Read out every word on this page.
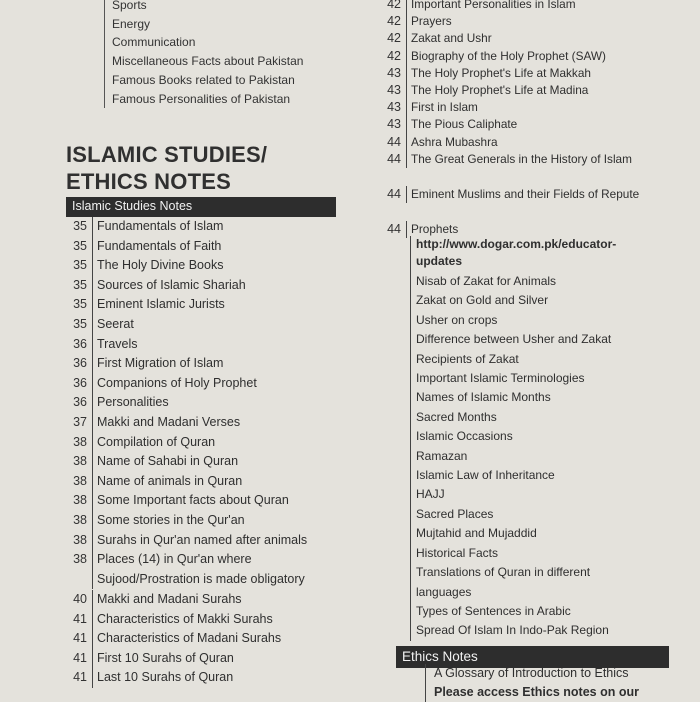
Sports
Energy
Communication
Miscellaneous Facts about Pakistan
Famous Books related to Pakistan
Famous Personalities of Pakistan
ISLAMIC STUDIES/
ETHICS NOTES
Islamic Studies Notes
35 Fundamentals of Islam
35 Fundamentals of Faith
35 The Holy Divine Books
35 Sources of Islamic Shariah
35 Eminent Islamic Jurists
35 Seerat
36 Travels
36 First Migration of Islam
36 Companions of Holy Prophet
36 Personalities
37 Makki and Madani Verses
38 Compilation of Quran
38 Name of Sahabi in Quran
38 Name of animals in Quran
38 Some Important facts about Quran
38 Some stories in the Qur'an
38 Surahs in Qur'an named after animals
38 Places (14) in Qur'an where Sujood/Prostration is made obligatory
40 Makki and Madani Surahs
41 Characteristics of Makki Surahs
41 Characteristics of Madani Surahs
41 First 10 Surahs of Quran
41 Last 10 Surahs of Quran
42 Important Personalities in Islam
42 Prayers
42 Zakat and Ushr
42 Biography of the Holy Prophet (SAW)
43 The Holy Prophet's Life at Makkah
43 The Holy Prophet's Life at Madina
43 First in Islam
43 The Pious Caliphate
44 Ashra Mubashra
44 The Great Generals in the History of Islam
44 Eminent Muslims and their Fields of Repute
44 Prophets
http://www.dogar.com.pk/educator-updates
Nisab of Zakat for Animals
Zakat on Gold and Silver
Usher on crops
Difference between Usher and Zakat
Recipients of Zakat
Important Islamic Terminologies
Names of Islamic Months
Sacred Months
Islamic Occasions
Ramazan
Islamic Law of Inheritance
HAJJ
Sacred Places
Mujtahid and Mujaddid
Historical Facts
Translations of Quran in different languages
Types of Sentences in Arabic
Spread Of Islam In Indo-Pak Region
Ethics Notes
A Glossary of Introduction to Ethics
Please access Ethics notes on our
